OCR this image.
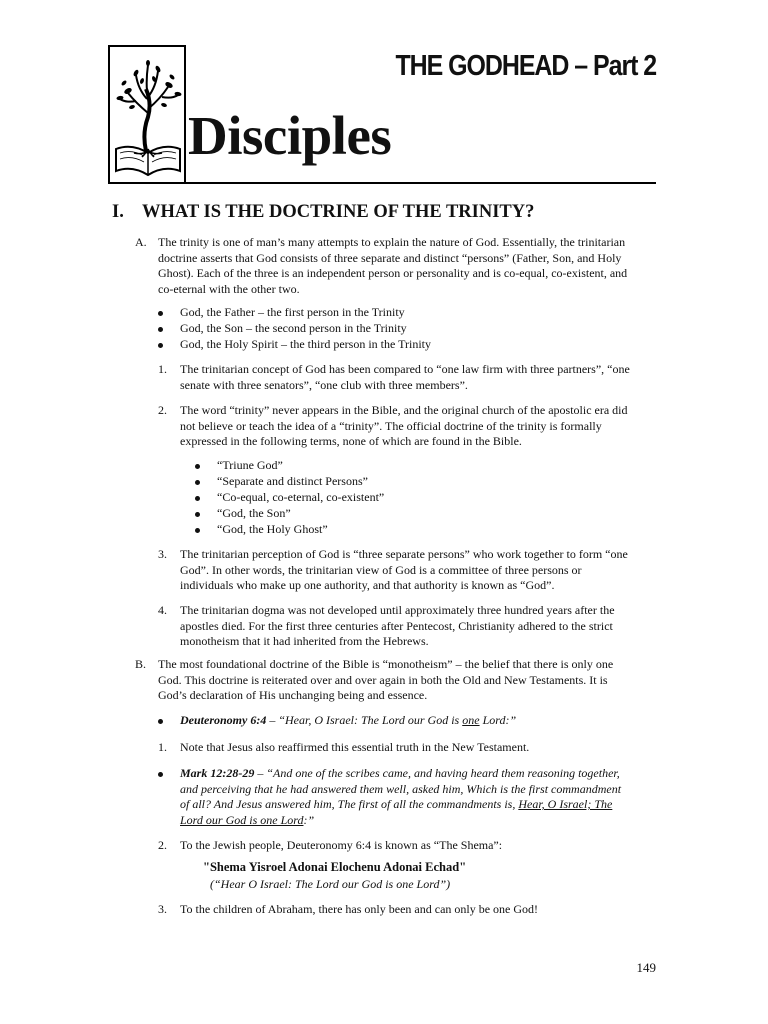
THE GODHEAD – Part 2
Disciples
I. WHAT IS THE DOCTRINE OF THE TRINITY?
A. The trinity is one of man’s many attempts to explain the nature of God. Essentially, the trinitarian
doctrine asserts that God consists of three separate and distinct “persons” (Father, Son, and Holy
Ghost). Each of the three is an independent person or personality and is co-equal, co-existent, and
co-eternal with the other two.
God, the Father – the first person in the Trinity
God, the Son – the second person in the Trinity
God, the Holy Spirit – the third person in the Trinity
1. The trinitarian concept of God has been compared to “one law firm with three partners”, “one
senate with three senators”, “one club with three members”.
2. The word “trinity” never appears in the Bible, and the original church of the apostolic era did
not believe or teach the idea of a “trinity”. The official doctrine of the trinity is formally
expressed in the following terms, none of which are found in the Bible.
“Triune God”
“Separate and distinct Persons”
“Co-equal, co-eternal, co-existent”
“God, the Son”
“God, the Holy Ghost”
3. The trinitarian perception of God is “three separate persons” who work together to form “one
God”. In other words, the trinitarian view of God is a committee of three persons or
individuals who make up one authority, and that authority is known as “God”.
4. The trinitarian dogma was not developed until approximately three hundred years after the
apostles died. For the first three centuries after Pentecost, Christianity adhered to the strict
monotheism that it had inherited from the Hebrews.
B. The most foundational doctrine of the Bible is “monotheism” – the belief that there is only one
God. This doctrine is reiterated over and over again in both the Old and New Testaments. It is
God’s declaration of His unchanging being and essence.
Deuteronomy 6:4 – “Hear, O Israel: The Lord our God is one Lord:”
1. Note that Jesus also reaffirmed this essential truth in the New Testament.
Mark 12:28-29 – “And one of the scribes came, and having heard them reasoning together,
and perceiving that he had answered them well, asked him, Which is the first commandment
of all? And Jesus answered him, The first of all the commandments is, Hear, O Israel; The
Lord our God is one Lord:”
2. To the Jewish people, Deuteronomy 6:4 is known as “The Shema”:
"Shema Yisroel Adonai Elochenu Adonai Echad"
(“Hear O Israel: The Lord our God is one Lord”)
3. To the children of Abraham, there has only been and can only be one God!
149
